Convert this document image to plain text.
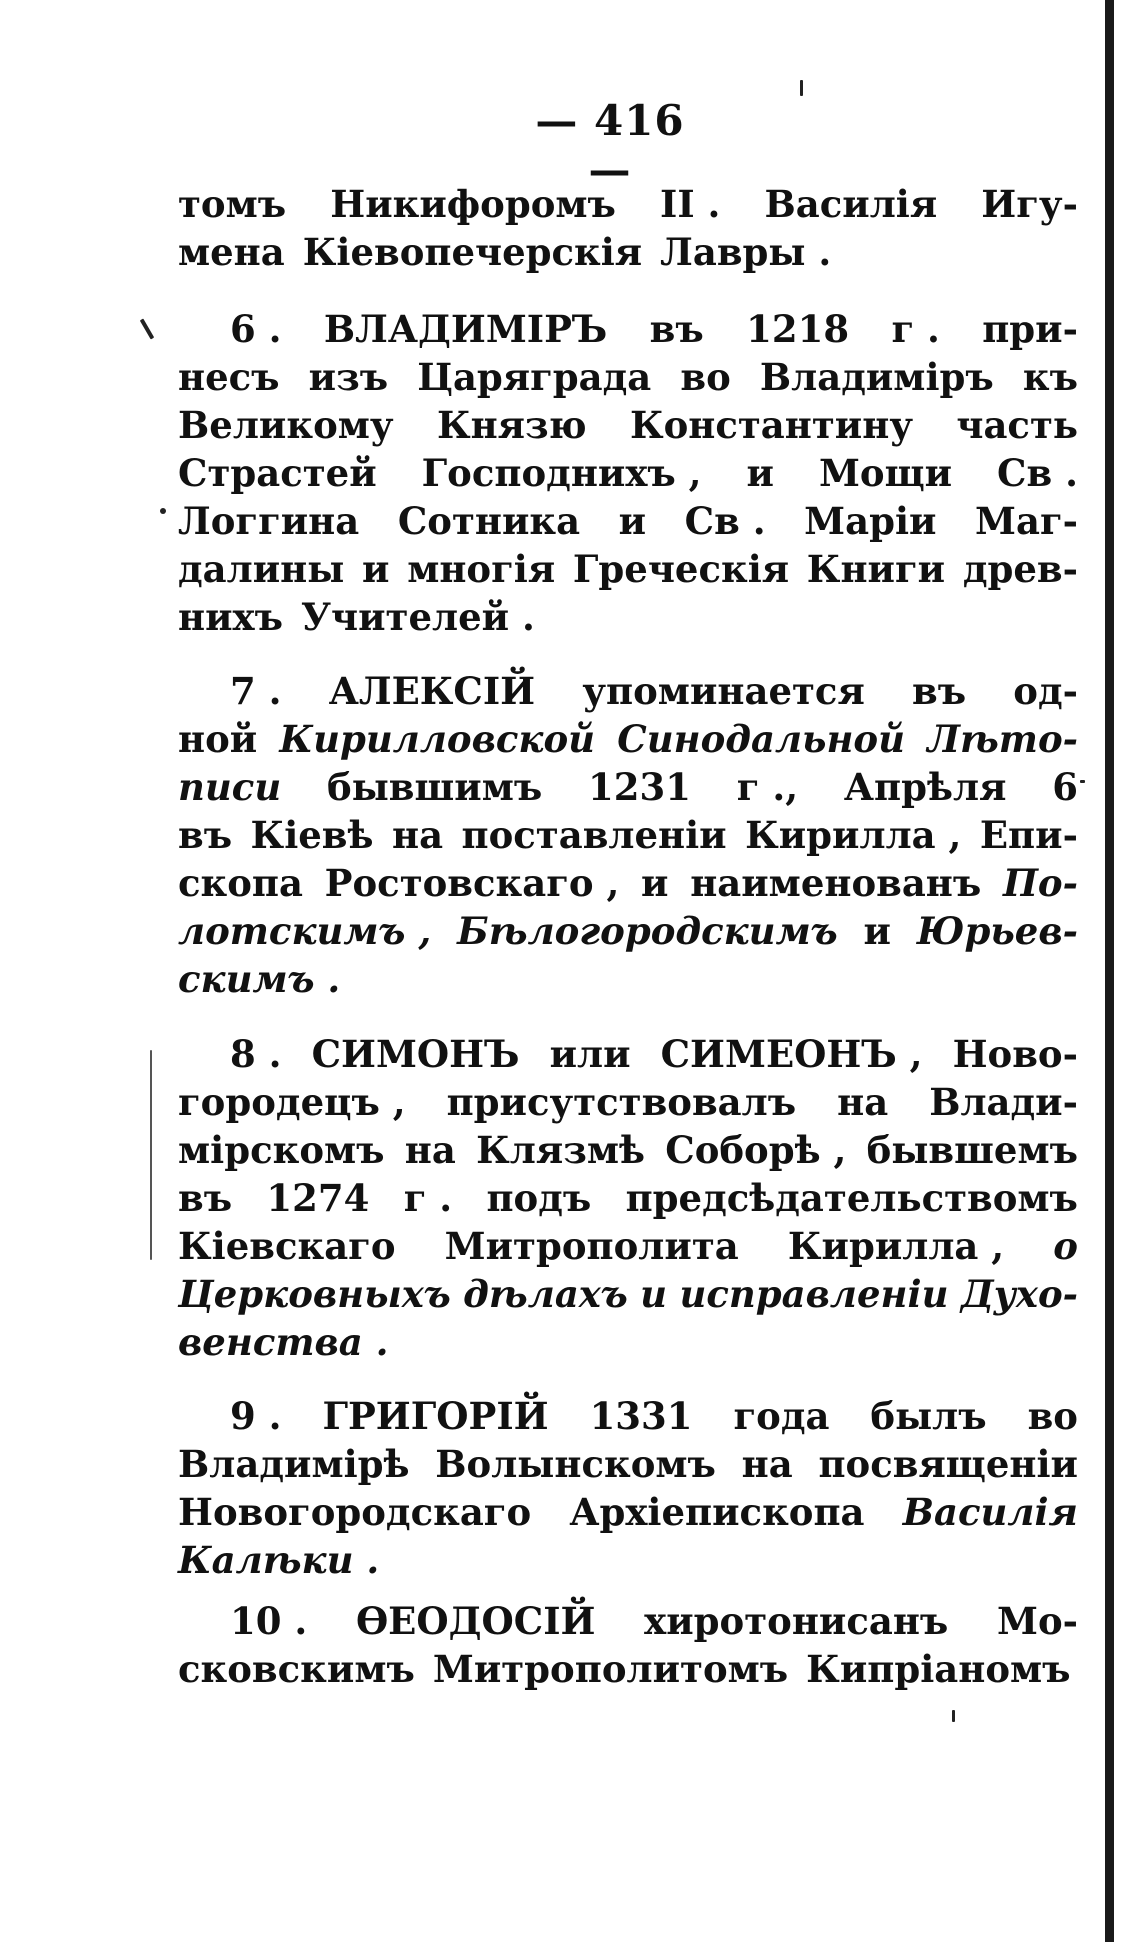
— 416 —
томъ Никифоромъ II . Василія Игу-
мена Кіевопечерскія Лавры .
6 . ВЛАДИМІРЪ въ 1218 г . при-
несъ изъ Царяграда во Владиміръ къ
Великому Князю Константину часть
Страстей Господнихъ , и Мощи Св .
Логгина Сотника и Св . Маріи Маг-
далины и многія Греческія Книги древ-
нихъ Учителей .
7 . АЛЕКСІЙ упоминается въ од-
ной Кирилловской Синодальной Лѣто-
писи бывшимъ 1231 г ., Апрѣля 6
въ Кіевѣ на поставленіи Кирилла , Епи-
скопа Ростовскаго , и наименованъ По-
лотскимъ , Бѣлогородскимъ и Юрьев-
скимъ .
8 . СИМОНЪ или СИМЕОНЪ , Ново-
городецъ , присутствовалъ на Влади-
мірскомъ на Клязмѣ Соборѣ , бывшемъ
въ 1274 г . подъ предсѣдательствомъ
Кіевскаго Митрополита Кирилла , о
Церковныхъ дѣлахъ и исправленіи Духо-
венства .
9 . ГРИГОРІЙ 1331 года былъ во
Владимірѣ Волынскомъ на посвященіи
Новогородскаго Архіепископа Василія
Калѣки .
10 . ѲЕОДОСІЙ хиротонисанъ Мо-
сковскимъ Митрополитомъ Кипріаномъ
